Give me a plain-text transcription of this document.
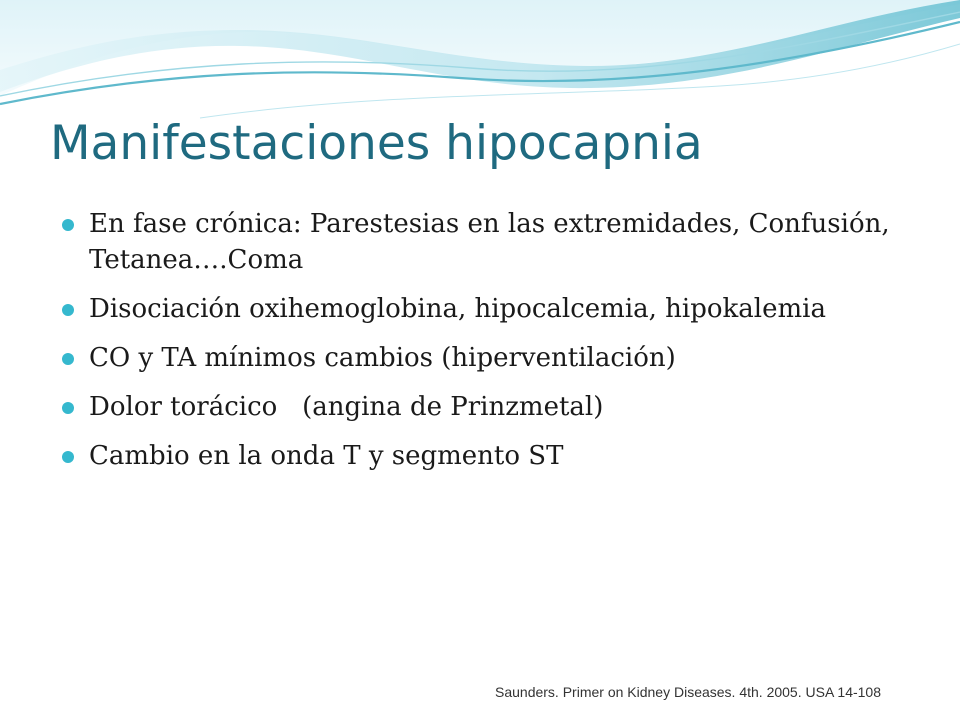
Manifestaciones hipocapnia
En fase crónica: Parestesias en las extremidades, Confusión, Tetanea….Coma
Disociación oxihemoglobina, hipocalcemia, hipokalemia
CO y TA mínimos cambios (hiperventilación)
Dolor torácico   (angina de Prinzmetal)
Cambio en la onda T y segmento ST
Saunders. Primer on Kidney Diseases. 4th. 2005. USA 14-108
